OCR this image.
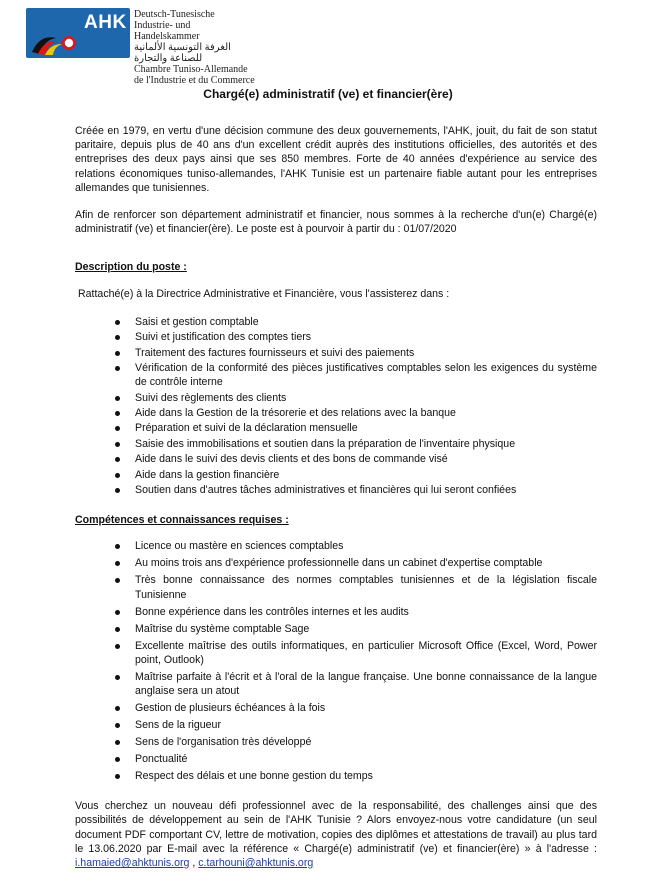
AHK Deutsch-Tunesische
Industrie- und Handelskammer
الغرفة التونسية الألمانية للصناعة والتجارة
Chambre Tuniso-Allemande
de l'Industrie et du Commerce
Chargé(e) administratif (ve) et financier(ère)

Créée en 1979, en vertu d'une décision commune des deux gouvernements, l'AHK, jouit, du fait de son statut paritaire, depuis plus de 40 ans d'un excellent crédit auprès des institutions officielles, des autorités et des entreprises des deux pays ainsi que ses 850 membres. Forte de 40 années d'expérience au service des relations économiques tuniso-allemandes, l'AHK Tunisie est un partenaire fiable autant pour les entreprises allemandes que tunisiennes.

Afin de renforcer son département administratif et financier, nous sommes à la recherche d'un(e) Chargé(e) administratif (ve) et financier(ère). Le poste est à pourvoir à partir du : 01/07/2020

Description du poste :

Rattaché(e) à la Directrice Administrative et Financière, vous l'assisterez dans :

Saisi et gestion comptable
Suivi et justification des comptes tiers
Traitement des factures fournisseurs et suivi des paiements
Vérification de la conformité des pièces justificatives comptables selon les exigences du système de contrôle interne
Suivi des règlements des clients
Aide dans la Gestion de la trésorerie et des relations avec la banque
Préparation et suivi de la déclaration mensuelle
Saisie des immobilisations et soutien dans la préparation de l'inventaire physique
Aide dans le suivi des devis clients et des bons de commande visé
Aide dans la gestion financière
Soutien dans d'autres tâches administratives et financières qui lui seront confiées
Compétences et connaissances requises :
Licence ou mastère en sciences comptables
Au moins trois ans d'expérience professionnelle dans un cabinet d'expertise comptable
Très bonne connaissance des normes comptables tunisiennes et de la législation fiscale Tunisienne
Bonne expérience dans les contrôles internes et les audits
Maîtrise du système comptable Sage
Excellente maîtrise des outils informatiques, en particulier Microsoft Office (Excel, Word, Power point, Outlook)
Maîtrise parfaite à l'écrit et à l'oral de la langue française. Une bonne connaissance de la langue anglaise sera un atout
Gestion de plusieurs échéances à la fois
Sens de la rigueur
Sens de l'organisation très développé
Ponctualité
Respect des délais et une bonne gestion du temps

Vous cherchez un nouveau défi professionnel avec de la responsabilité, des challenges ainsi que des possibilités de développement au sein de l'AHK Tunisie ? Alors envoyez-nous votre candidature (un seul document PDF comportant CV, lettre de motivation, copies des diplômes et attestations de travail) au plus tard le 13.06.2020 par E-mail avec la référence « Chargé(e) administratif (ve) et financier(ère) » à l'adresse : i.hamaied@ahktunis.org , c.tarhouni@ahktunis.org
